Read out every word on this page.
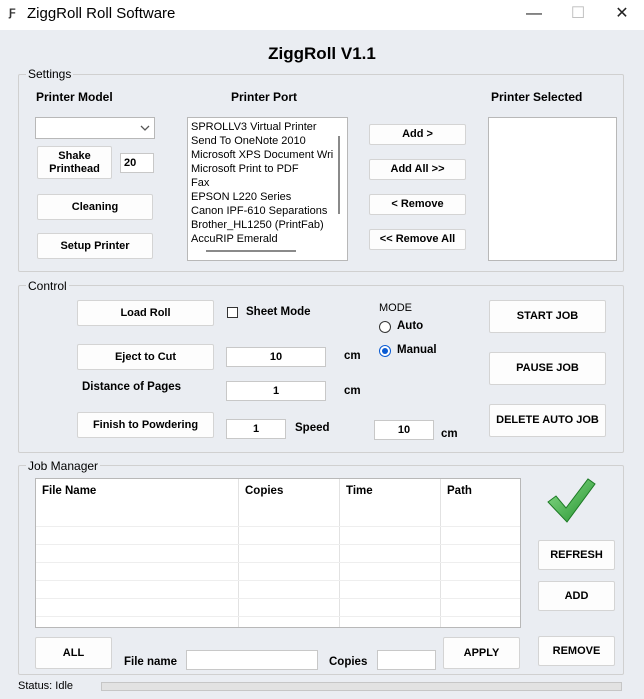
Ƒ ZiggRoll Roll Software	—	☐	✕
ZiggRoll V1.1
Settings
Printer Model	Printer Port	Printer Selected
Shake Printhead	20
Cleaning
Setup Printer
SPROLLV3 Virtual Printer
Send To OneNote 2010
Microsoft XPS Document Wri
Microsoft Print to PDF
Fax
EPSON L220 Series
Canon IPF-610 Separations
Brother_HL1250 (PrintFab)
AccuRIP Emerald
Add >
Add All >>
< Remove
<< Remove All
Control
Load Roll	Sheet Mode
Eject to Cut	10	cm
Distance of Pages	1	cm
Finish to Powdering	1	Speed	10	cm
MODE
Auto
Manual
START JOB
PAUSE JOB
DELETE AUTO JOB
Job Manager
File Name	Copies	Time	Path

REFRESH
ADD
REMOVE
ALL
File name	Copies
APPLY
Status: Idle
